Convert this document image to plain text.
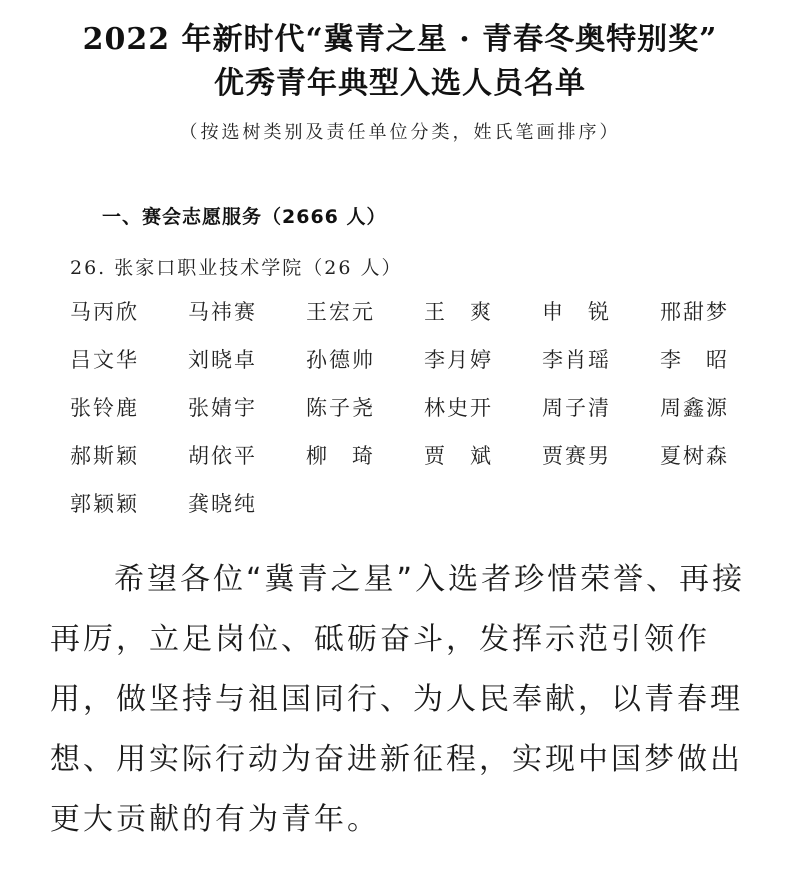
2022 年新时代“冀青之星 · 青春冬奥特别奖”
优秀青年典型入选人员名单
（按选树类别及责任单位分类，姓氏笔画排序）
一、赛会志愿服务（2666 人）
26. 张家口职业技术学院（26 人）
马丙欣	马祎赛	王宏元	王　爽	申　锐	邢甜梦
吕文华	刘晓卓	孙德帅	李月婷	李肖瑶	李　昭
张铃鹿	张婧宇	陈子尧	林史开	周子清	周鑫源
郝斯颖	胡依平	柳　琦	贾　斌	贾赛男	夏树森
郭颖颖	龚晓纯

希望各位“冀青之星”入选者珍惜荣誉、再接再厉，立足岗位、砥砺奋斗，发挥示范引领作用，做坚持与祖国同行、为人民奉献，以青春理想、用实际行动为奋进新征程，实现中国梦做出更大贡献的有为青年。
